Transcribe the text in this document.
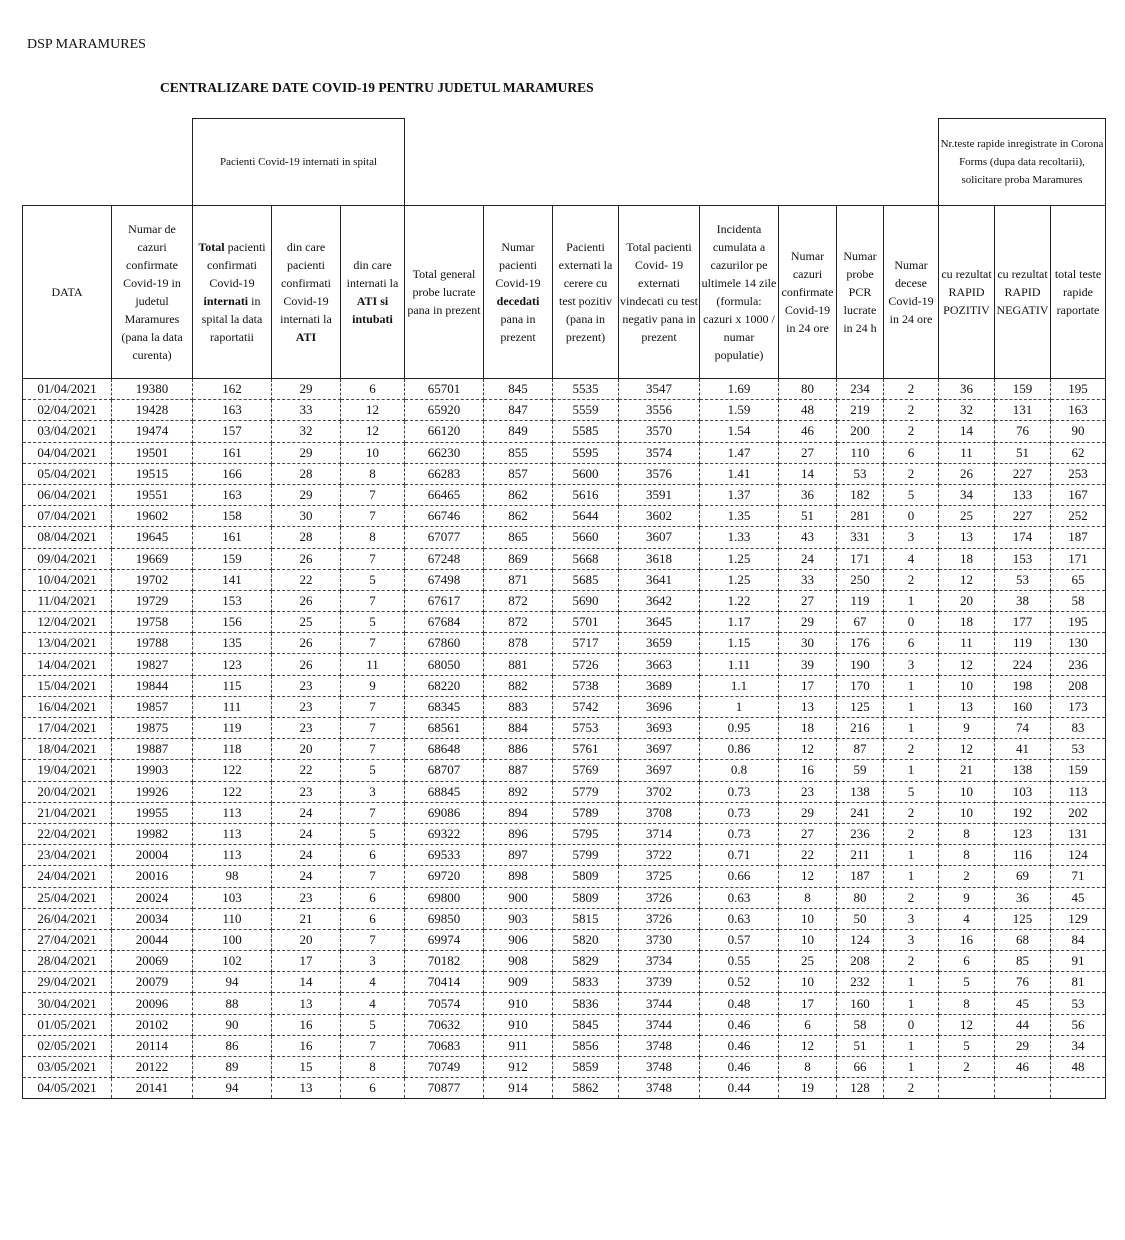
DSP MARAMURES
CENTRALIZARE DATE COVID-19 PENTRU JUDETUL MARAMURES
		Pacienti Covid-19 internati in spital											Nr.teste rapide inregistrate in Corona Forms (dupa data recoltarii), solicitare proba Maramures		
DATA	Numar de cazuri confirmate Covid-19 in judetul Maramures (pana la data curenta)	Total pacienti confirmati Covid-19 internati in spital la data raportatii	din care pacienti confirmati Covid-19 internati la ATI	din care internati la ATI si intubati	Total general probe lucrate pana in prezent	Numar pacienti Covid-19 decedati pana in prezent	Pacienti externati la cerere cu test pozitiv (pana in prezent)	Total pacienti Covid- 19 externati vindecati cu test negativ pana in prezent	Incidenta cumulata a cazurilor pe ultimele 14 zile (formula: cazuri x 1000 / numar populatie)	Numar cazuri confirmate Covid-19 in 24 ore	Numar probe PCR lucrate in 24 h	Numar decese Covid-19 in 24 ore	cu rezultat RAPID POZITIV	cu rezultat RAPID NEGATIV	total teste rapide raportate
01/04/2021	19380	162	29	6	65701	845	5535	3547	1.69	80	234	2	36	159	195
02/04/2021	19428	163	33	12	65920	847	5559	3556	1.59	48	219	2	32	131	163
03/04/2021	19474	157	32	12	66120	849	5585	3570	1.54	46	200	2	14	76	90
04/04/2021	19501	161	29	10	66230	855	5595	3574	1.47	27	110	6	11	51	62
05/04/2021	19515	166	28	8	66283	857	5600	3576	1.41	14	53	2	26	227	253
06/04/2021	19551	163	29	7	66465	862	5616	3591	1.37	36	182	5	34	133	167
07/04/2021	19602	158	30	7	66746	862	5644	3602	1.35	51	281	0	25	227	252
08/04/2021	19645	161	28	8	67077	865	5660	3607	1.33	43	331	3	13	174	187
09/04/2021	19669	159	26	7	67248	869	5668	3618	1.25	24	171	4	18	153	171
10/04/2021	19702	141	22	5	67498	871	5685	3641	1.25	33	250	2	12	53	65
11/04/2021	19729	153	26	7	67617	872	5690	3642	1.22	27	119	1	20	38	58
12/04/2021	19758	156	25	5	67684	872	5701	3645	1.17	29	67	0	18	177	195
13/04/2021	19788	135	26	7	67860	878	5717	3659	1.15	30	176	6	11	119	130
14/04/2021	19827	123	26	11	68050	881	5726	3663	1.11	39	190	3	12	224	236
15/04/2021	19844	115	23	9	68220	882	5738	3689	1.1	17	170	1	10	198	208
16/04/2021	19857	111	23	7	68345	883	5742	3696	1	13	125	1	13	160	173
17/04/2021	19875	119	23	7	68561	884	5753	3693	0.95	18	216	1	9	74	83
18/04/2021	19887	118	20	7	68648	886	5761	3697	0.86	12	87	2	12	41	53
19/04/2021	19903	122	22	5	68707	887	5769	3697	0.8	16	59	1	21	138	159
20/04/2021	19926	122	23	3	68845	892	5779	3702	0.73	23	138	5	10	103	113
21/04/2021	19955	113	24	7	69086	894	5789	3708	0.73	29	241	2	10	192	202
22/04/2021	19982	113	24	5	69322	896	5795	3714	0.73	27	236	2	8	123	131
23/04/2021	20004	113	24	6	69533	897	5799	3722	0.71	22	211	1	8	116	124
24/04/2021	20016	98	24	7	69720	898	5809	3725	0.66	12	187	1	2	69	71
25/04/2021	20024	103	23	6	69800	900	5809	3726	0.63	8	80	2	9	36	45
26/04/2021	20034	110	21	6	69850	903	5815	3726	0.63	10	50	3	4	125	129
27/04/2021	20044	100	20	7	69974	906	5820	3730	0.57	10	124	3	16	68	84
28/04/2021	20069	102	17	3	70182	908	5829	3734	0.55	25	208	2	6	85	91
29/04/2021	20079	94	14	4	70414	909	5833	3739	0.52	10	232	1	5	76	81
30/04/2021	20096	88	13	4	70574	910	5836	3744	0.48	17	160	1	8	45	53
01/05/2021	20102	90	16	5	70632	910	5845	3744	0.46	6	58	0	12	44	56
02/05/2021	20114	86	16	7	70683	911	5856	3748	0.46	12	51	1	5	29	34
03/05/2021	20122	89	15	8	70749	912	5859	3748	0.46	8	66	1	2	46	48
04/05/2021	20141	94	13	6	70877	914	5862	3748	0.44	19	128	2			
